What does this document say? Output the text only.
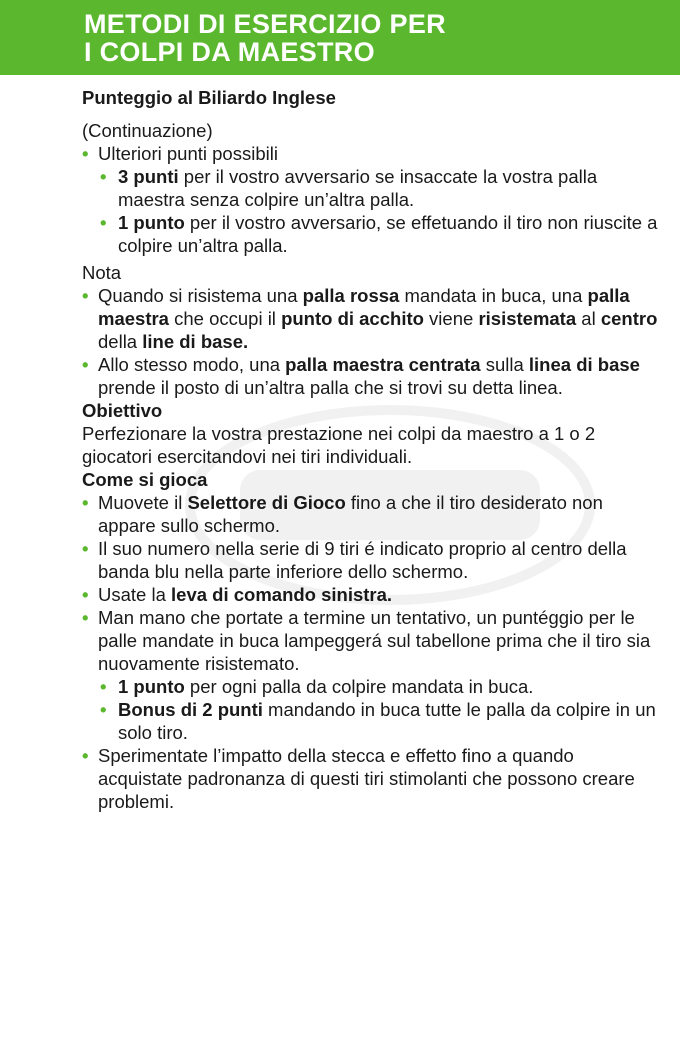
METODI DI ESERCIZIO PER
I COLPI DA MAESTRO
Punteggio al Biliardo Inglese
(Continuazione)
• Ulteriori punti possibili
• 3 punti per il vostro avversario se insaccate la vostra palla maestra senza colpire un’altra palla.
• 1 punto per il vostro avversario, se effetuando il tiro non riuscite a colpire un’altra palla.
Nota
• Quando si risistema una palla rossa mandata in buca, una palla maestra che occupi il punto di acchito viene risistemata al centro della line di base.
• Allo stesso modo, una palla maestra centrata sulla linea di base prende il posto di un’altra palla che si trovi su detta linea.
Obiettivo
Perfezionare la vostra prestazione nei colpi da maestro a 1 o 2 giocatori esercitandovi nei tiri individuali.
Come si gioca
• Muovete il Selettore di Gioco fino a che il tiro desiderato non appare sullo schermo.
• Il suo numero nella serie di 9 tiri é indicato proprio al centro della banda blu nella parte inferiore dello schermo.
• Usate la leva di comando sinistra.
• Man mano che portate a termine un tentativo, un puntéggio per le palle mandate in buca lampeggerá sul tabellone prima che il tiro sia nuovamente risistemato.
• 1 punto per ogni palla da colpire mandata in buca.
• Bonus di 2 punti mandando in buca tutte le palla da colpire in un solo tiro.
• Sperimentate l’impatto della stecca e effetto fino a quando acquistate padronanza di questi tiri stimolanti che possono creare problemi.
